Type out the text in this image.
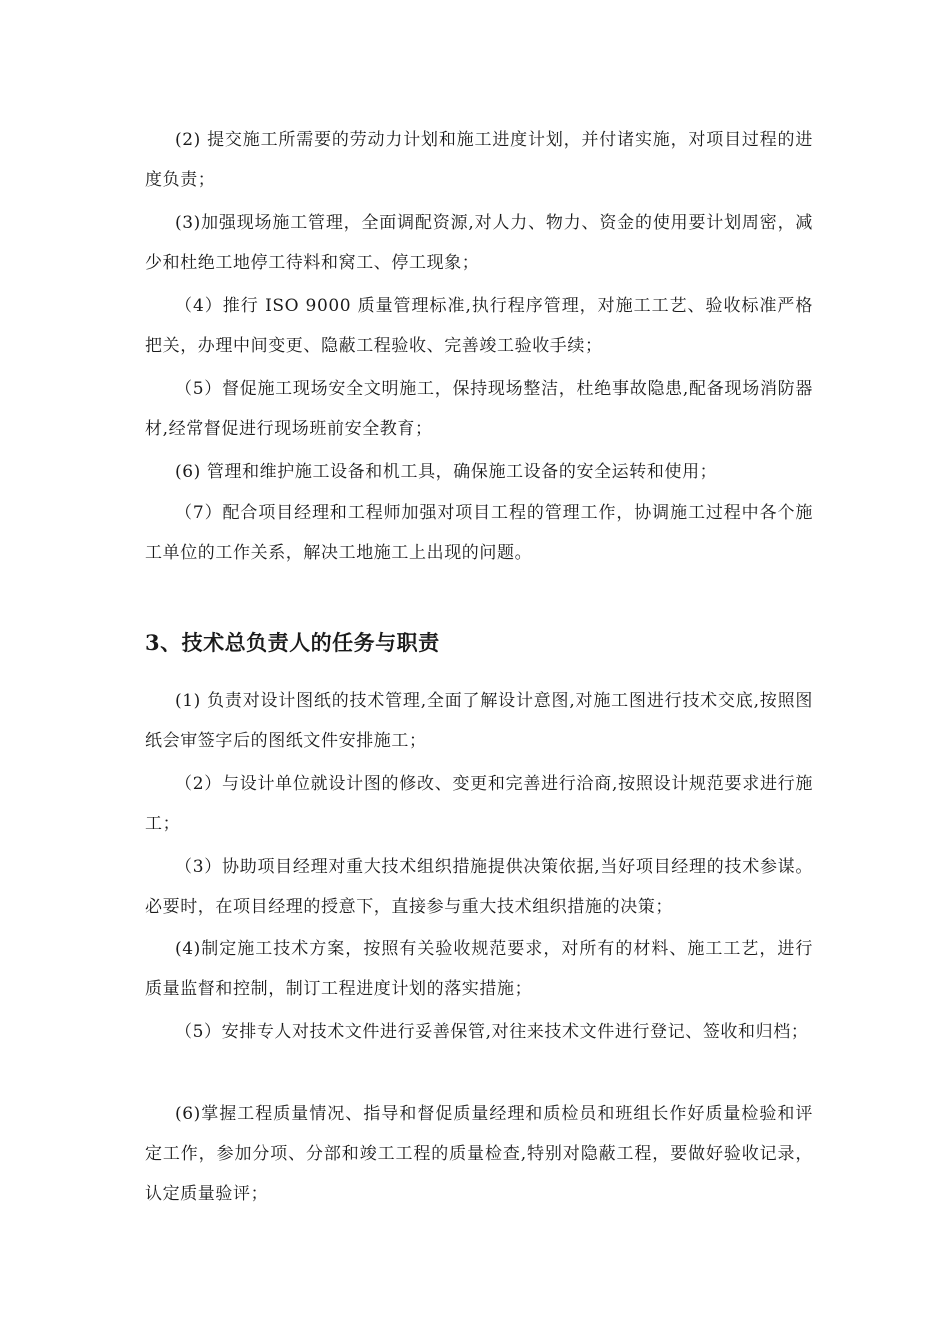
(2) 提交施工所需要的劳动力计划和施工进度计划，并付诸实施，对项目过程的进度负责；

(3)加强现场施工管理，全面调配资源,对人力、物力、资金的使用要计划周密，减少和杜绝工地停工待料和窝工、停工现象；

（4）推行 ISO 9000 质量管理标准,执行程序管理，对施工工艺、验收标准严格把关，办理中间变更、隐蔽工程验收、完善竣工验收手续；

（5）督促施工现场安全文明施工，保持现场整洁，杜绝事故隐患,配备现场消防器材,经常督促进行现场班前安全教育；

(6) 管理和维护施工设备和机工具，确保施工设备的安全运转和使用；

（7）配合项目经理和工程师加强对项目工程的管理工作，协调施工过程中各个施工单位的工作关系，解决工地施工上出现的问题。

3、技术总负责人的任务与职责

(1) 负责对设计图纸的技术管理,全面了解设计意图,对施工图进行技术交底,按照图纸会审签字后的图纸文件安排施工；

（2）与设计单位就设计图的修改、变更和完善进行洽商,按照设计规范要求进行施工；

（3）协助项目经理对重大技术组织措施提供决策依据,当好项目经理的技术参谋。必要时，在项目经理的授意下，直接参与重大技术组织措施的决策；

(4)制定施工技术方案，按照有关验收规范要求，对所有的材料、施工工艺，进行质量监督和控制，制订工程进度计划的落实措施；

（5）安排专人对技术文件进行妥善保管,对往来技术文件进行登记、签收和归档；

(6)掌握工程质量情况、指导和督促质量经理和质检员和班组长作好质量检验和评定工作，参加分项、分部和竣工工程的质量检查,特别对隐蔽工程，要做好验收记录，认定质量验评；
